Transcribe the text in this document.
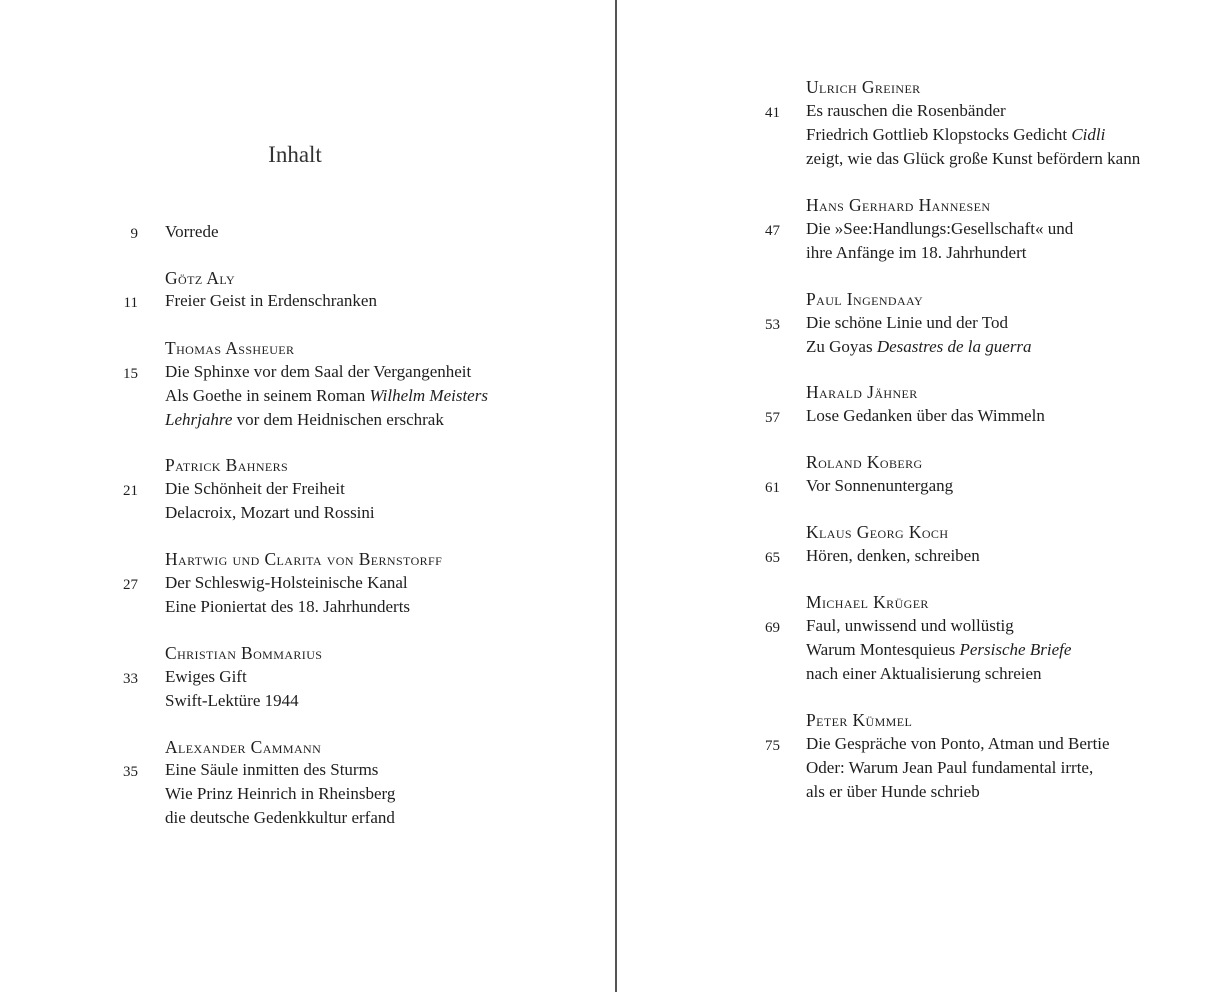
Inhalt
9 Vorrede
Götz Aly
11 Freier Geist in Erdenschranken
Thomas Assheuer
15 Die Sphinxe vor dem Saal der Vergangenheit
Als Goethe in seinem Roman Wilhelm Meisters
Lehrjahre vor dem Heidnischen erschrak
Patrick Bahners
21 Die Schönheit der Freiheit
Delacroix, Mozart und Rossini
Hartwig und Clarita von Bernstorff
27 Der Schleswig-Holsteinische Kanal
Eine Pioniertat des 18. Jahrhunderts
Christian Bommarius
33 Ewiges Gift
Swift-Lektüre 1944
Alexander Cammann
35 Eine Säule inmitten des Sturms
Wie Prinz Heinrich in Rheinsberg
die deutsche Gedenkkultur erfand
Ulrich Greiner
41 Es rauschen die Rosenbänder
Friedrich Gottlieb Klopstocks Gedicht Cidli
zeigt, wie das Glück große Kunst befördern kann
Hans Gerhard Hannesen
47 Die »See:Handlungs:Gesellschaft« und
ihre Anfänge im 18. Jahrhundert
Paul Ingendaay
53 Die schöne Linie und der Tod
Zu Goyas Desastres de la guerra
Harald Jähner
57 Lose Gedanken über das Wimmeln
Roland Koberg
61 Vor Sonnenuntergang
Klaus Georg Koch
65 Hören, denken, schreiben
Michael Krüger
69 Faul, unwissend und wollüstig
Warum Montesquieus Persische Briefe
nach einer Aktualisierung schreien
Peter Kümmel
75 Die Gespräche von Ponto, Atman und Bertie
Oder: Warum Jean Paul fundamental irrte,
als er über Hunde schrieb
